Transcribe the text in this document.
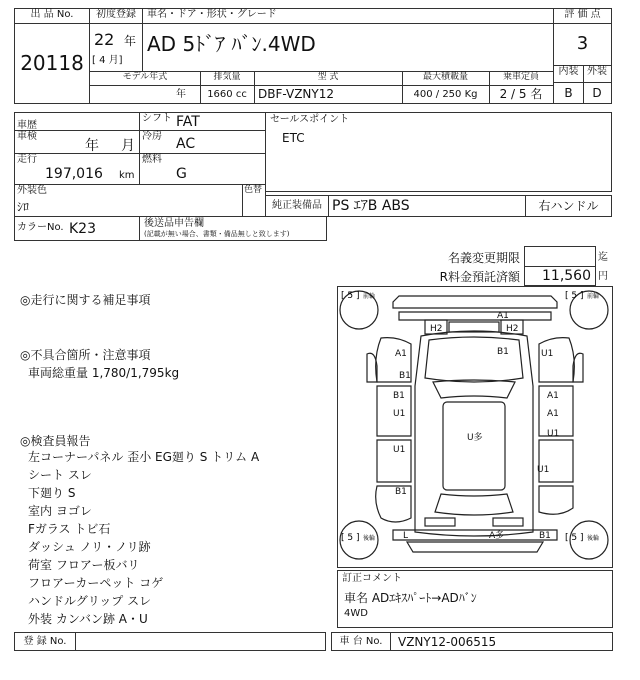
出 品 No.
20118
初度登録
22 年
[ 4 月]
車名・ドア・形状・グレード
AD 5ﾄﾞｱ ﾊﾞﾝ.4WD
評 価 点
3
内装 外装
B	D
モデル年式	排気量	型 式	最大積載量	乗車定員
年	1660 cc DBF-VZNY12	400 / 250 Kg	2 / 5 名
車歴
シフト FAT
車検
年 月
冷房 AC
走行
197,016 km
燃料
G
外装色
ｼﾛ
色替
カラーNo. K23	後送品申告欄
(記載が無い場合、書類・備品無しと致します)
セールスポイント
ETC
純正装備品 PS ｴｱB ABS	右ハンドル
名義変更期限	迄
R料金預託済額	11,560 円
◎走行に関する補足事項
◎不具合箇所・注意事項
車両総重量 1,780/1,795kg
◎検査員報告
左コーナーパネル 歪小 EG廻り S トリム A
シート スレ
下廻り S
室内 ヨゴレ
Fガラス トビ石
ダッシュ ノリ・ノリ跡
荷室 フロアー板バリ
フロアーカーペット コゲ
ハンドルグリップ スレ
外装 カンバン跡 A・U
[ 5 ] 前輪	[ 5 ] 前輪
[ 5 ] 後輪	[ 5 ] 後輪
A1
H2	H2
B1
A1
B1
U1
B1
U1
A1
A1
U多
U1
U1
U1
B1
L	A多	B1
訂正コメント
車名 ADｴｷｽﾊﾟｰﾄ→ADﾊﾞﾝ
4WD
登 録 No.	車 台 No.	VZNY12-006515
